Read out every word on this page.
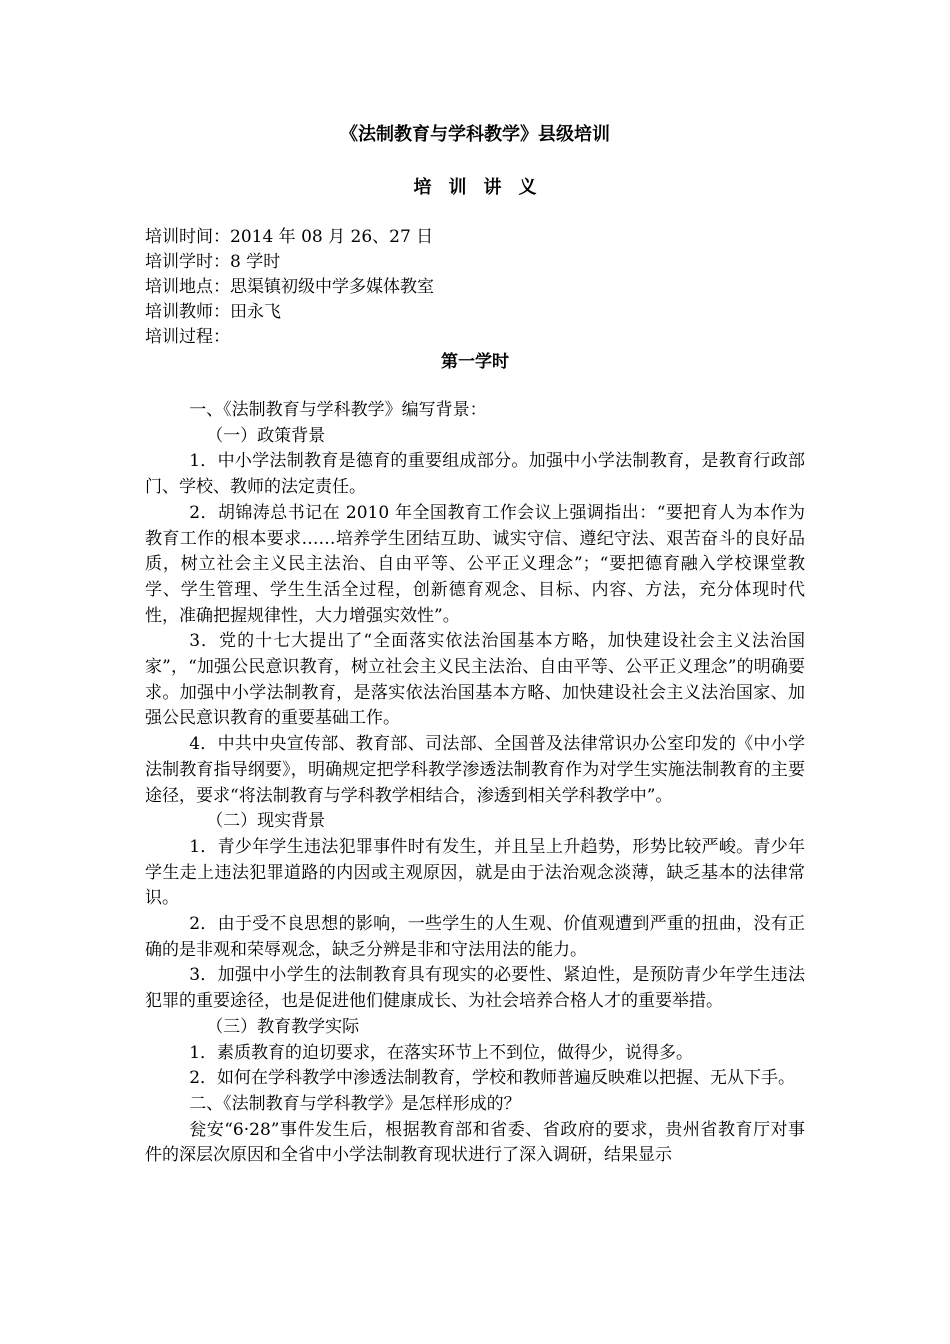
《法制教育与学科教学》县级培训
培训讲义
培训时间：2014 年 08 月 26、27 日
培训学时：8 学时
培训地点：思渠镇初级中学多媒体教室
培训教师：田永飞
培训过程：
第一学时

一、《法制教育与学科教学》编写背景：

（一）政策背景

1．中小学法制教育是德育的重要组成部分。加强中小学法制教育，是教育行政部门、学校、教师的法定责任。

2．胡锦涛总书记在 2010 年全国教育工作会议上强调指出：“要把育人为本作为教育工作的根本要求……培养学生团结互助、诚实守信、遵纪守法、艰苦奋斗的良好品质，树立社会主义民主法治、自由平等、公平正义理念”；“要把德育融入学校课堂教学、学生管理、学生生活全过程，创新德育观念、目标、内容、方法，充分体现时代性，准确把握规律性，大力增强实效性”。

3．党的十七大提出了“全面落实依法治国基本方略，加快建设社会主义法治国家”，“加强公民意识教育，树立社会主义民主法治、自由平等、公平正义理念”的明确要求。加强中小学法制教育，是落实依法治国基本方略、加快建设社会主义法治国家、加强公民意识教育的重要基础工作。

4．中共中央宣传部、教育部、司法部、全国普及法律常识办公室印发的《中小学法制教育指导纲要》，明确规定把学科教学渗透法制教育作为对学生实施法制教育的主要途径，要求“将法制教育与学科教学相结合，渗透到相关学科教学中”。

（二）现实背景

1．青少年学生违法犯罪事件时有发生，并且呈上升趋势，形势比较严峻。青少年学生走上违法犯罪道路的内因或主观原因，就是由于法治观念淡薄，缺乏基本的法律常识。

2．由于受不良思想的影响，一些学生的人生观、价值观遭到严重的扭曲，没有正确的是非观和荣辱观念，缺乏分辨是非和守法用法的能力。

3．加强中小学生的法制教育具有现实的必要性、紧迫性，是预防青少年学生违法犯罪的重要途径，也是促进他们健康成长、为社会培养合格人才的重要举措。

（三）教育教学实际

1．素质教育的迫切要求，在落实环节上不到位，做得少，说得多。

2．如何在学科教学中渗透法制教育，学校和教师普遍反映难以把握、无从下手。

二、《法制教育与学科教学》是怎样形成的？

瓮安“6·28”事件发生后，根据教育部和省委、省政府的要求，贵州省教育厅对事件的深层次原因和全省中小学法制教育现状进行了深入调研，结果显示
